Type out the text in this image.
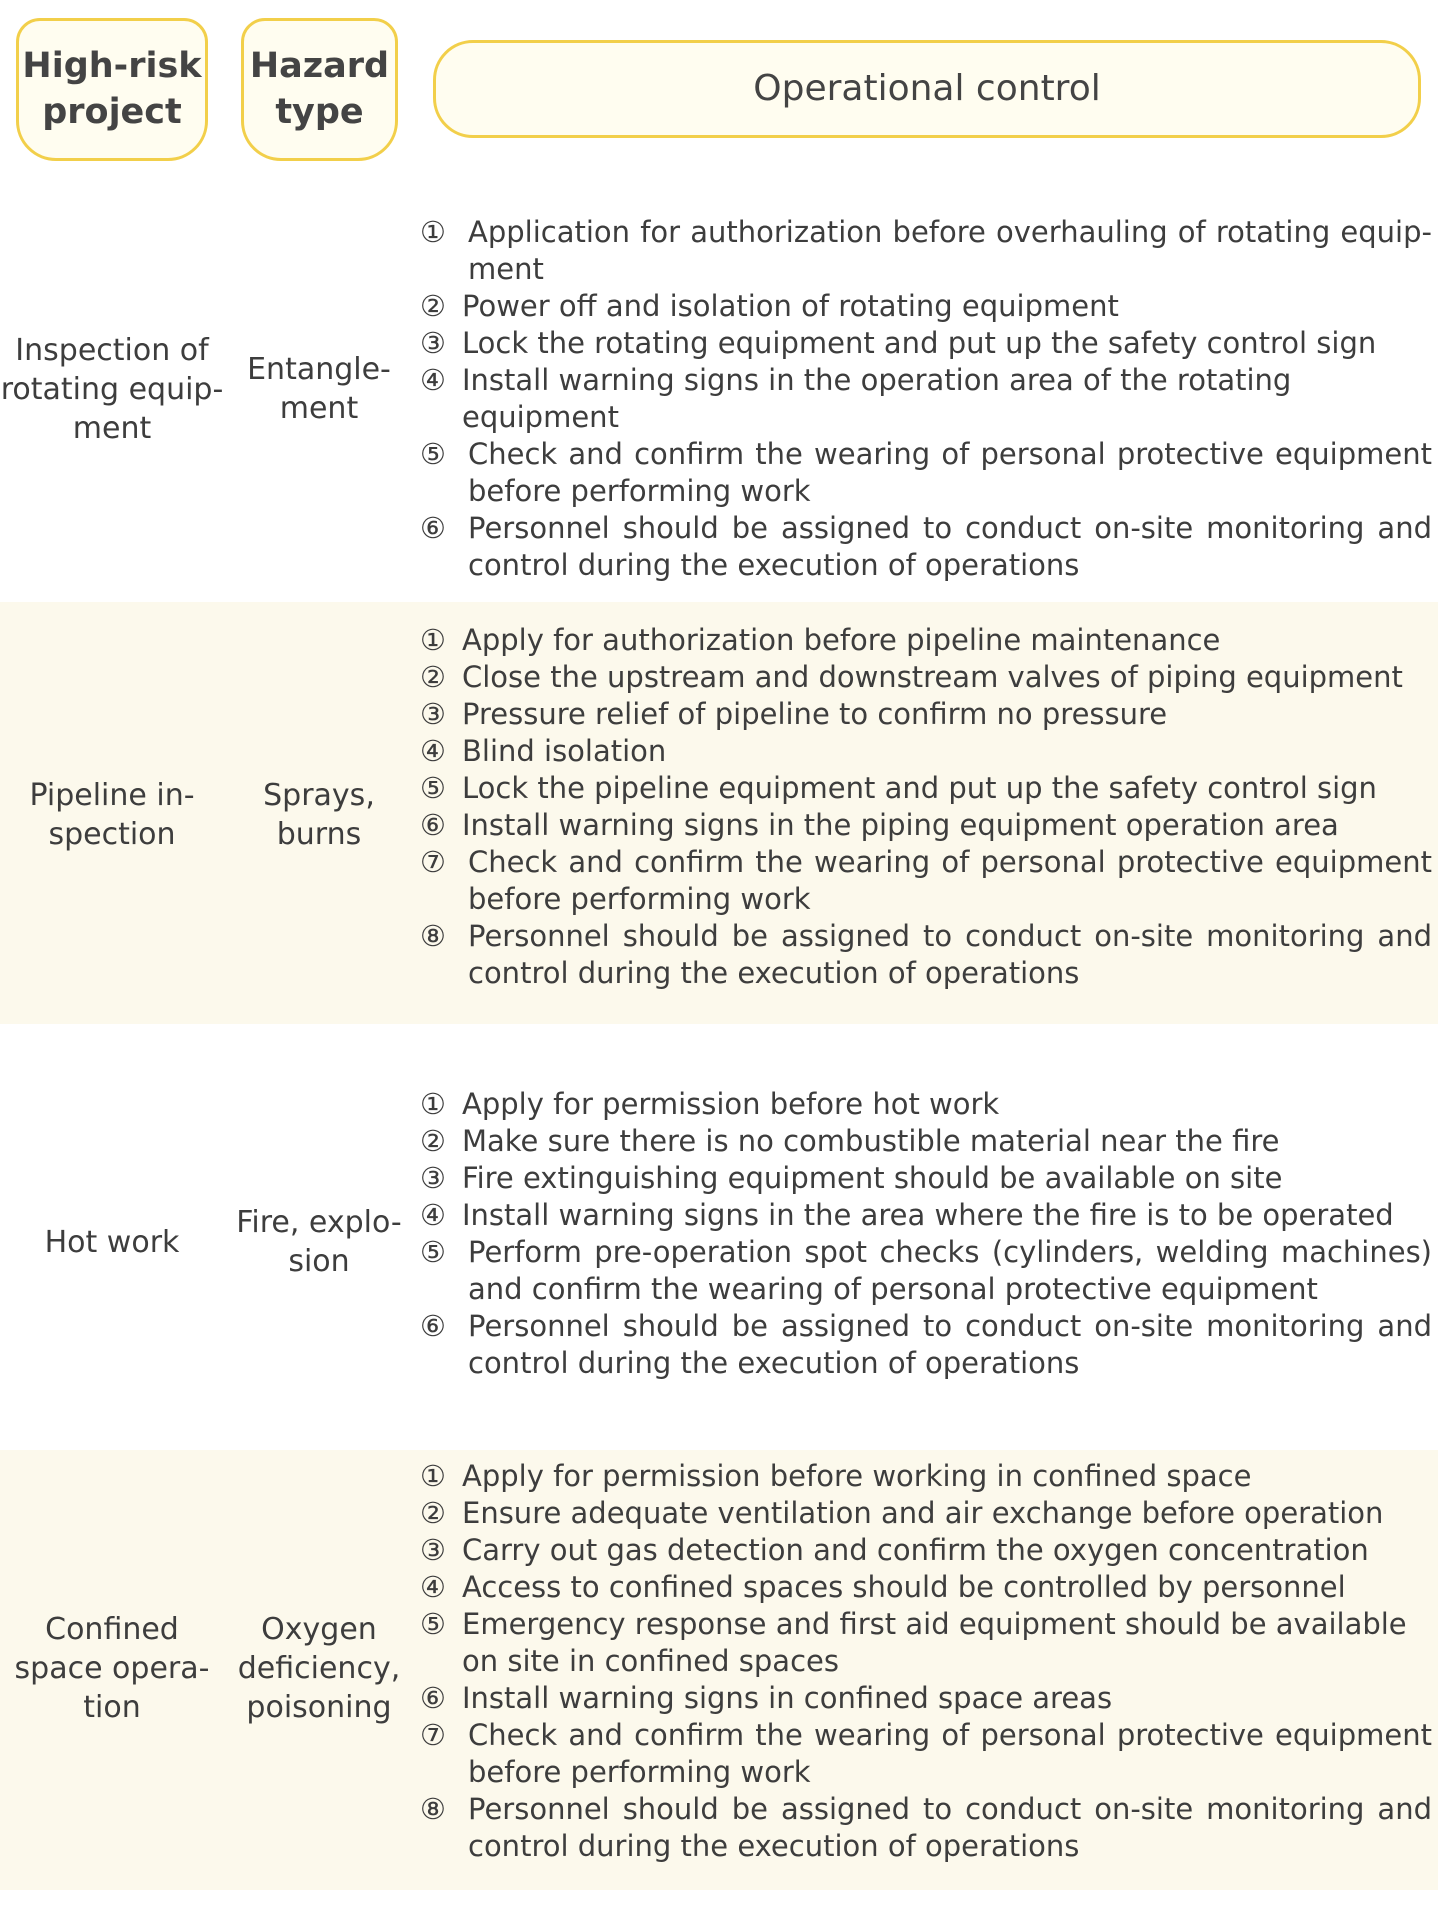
High-risk
project
Hazard
type
Operational control
Inspection of
rotating equip-
ment
Entangle-
ment
① Application for authorization before overhauling of rotating equip-ment
② Power off and isolation of rotating equipment
③ Lock the rotating equipment and put up the safety control sign
④ Install warning signs in the operation area of the rotating equipment
⑤ Check and confirm the wearing of personal protective equipment before performing work
⑥ Personnel should be assigned to conduct on-site monitoring and control during the execution of operations
Pipeline in-
spection
Sprays,
burns
① Apply for authorization before pipeline maintenance
② Close the upstream and downstream valves of piping equipment
③ Pressure relief of pipeline to confirm no pressure
④ Blind isolation
⑤ Lock the pipeline equipment and put up the safety control sign
⑥ Install warning signs in the piping equipment operation area
⑦ Check and confirm the wearing of personal protective equipment before performing work
⑧ Personnel should be assigned to conduct on-site monitoring and control during the execution of operations
Hot work
Fire, explo-
sion
① Apply for permission before hot work
② Make sure there is no combustible material near the fire
③ Fire extinguishing equipment should be available on site
④ Install warning signs in the area where the fire is to be operated
⑤ Perform pre-operation spot checks (cylinders, welding machines) and confirm the wearing of personal protective equipment
⑥ Personnel should be assigned to conduct on-site monitoring and control during the execution of operations
Confined
space opera-
tion
Oxygen
deficiency,
poisoning
① Apply for permission before working in confined space
② Ensure adequate ventilation and air exchange before operation
③ Carry out gas detection and confirm the oxygen concentration
④ Access to confined spaces should be controlled by personnel
⑤ Emergency response and first aid equipment should be available on site in confined spaces
⑥ Install warning signs in confined space areas
⑦ Check and confirm the wearing of personal protective equipment before performing work
⑧ Personnel should be assigned to conduct on-site monitoring and control during the execution of operations
